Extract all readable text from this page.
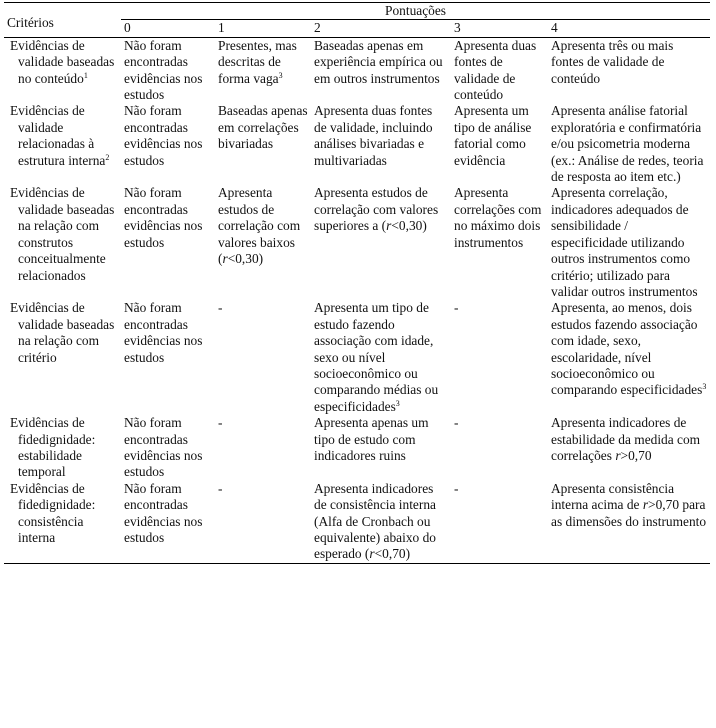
Critérios	Pontuações				
	0	1	2	3	4
Evidências de validade baseadas no conteúdo$^1$	Não foram encontradas evidências nos estudos	Presentes, mas descritas de forma vaga$^3$	Baseadas apenas em experiência empírica ou em outros instrumentos	Apresenta duas fontes de validade de conteúdo	Apresenta três ou mais fontes de validade de conteúdo
Evidências de validade relacionadas à estrutura interna$^2$	Não foram encontradas evidências nos estudos	Baseadas apenas em correlações bivariadas	Apresenta duas fontes de validade, incluindo análises bivariadas e multivariadas	Apresenta um tipo de análise fatorial como evidência	Apresenta análise fatorial exploratória e confirmatória e/ou psicometria moderna (ex.: Análise de redes, teoria de resposta ao item etc.)
Evidências de validade baseadas na relação com construtos conceitualmente relacionados	Não foram encontradas evidências nos estudos	Apresenta estudos de correlação com valores baixos (r<0,30)	Apresenta estudos de correlação com valores superiores a (r<0,30)	Apresenta correlações com no máximo dois instrumentos	Apresenta correlação, indicadores adequados de sensibilidade / especificidade utilizando outros instrumentos como critério; utilizado para validar outros instrumentos
Evidências de validade baseadas na relação com critério	Não foram encontradas evidências nos estudos	-	Apresenta um tipo de estudo fazendo associação com idade, sexo ou nível socioeconômico ou comparando médias ou especificidades$^3$	-	Apresenta, ao menos, dois estudos fazendo associação com idade, sexo, escolaridade, nível socioeconômico ou comparando especificidades$^3$
Evidências de fidedignidade: estabilidade temporal	Não foram encontradas evidências nos estudos	-	Apresenta apenas um tipo de estudo com indicadores ruins	-	Apresenta indicadores de estabilidade da medida com correlações r>0,70
Evidências de fidedignidade: consistência interna	Não foram encontradas evidências nos estudos	-	Apresenta indicadores de consistência interna (Alfa de Cronbach ou equivalente) abaixo do esperado (r<0,70)	-	Apresenta consistência interna acima de r>0,70 para as dimensões do instrumento
